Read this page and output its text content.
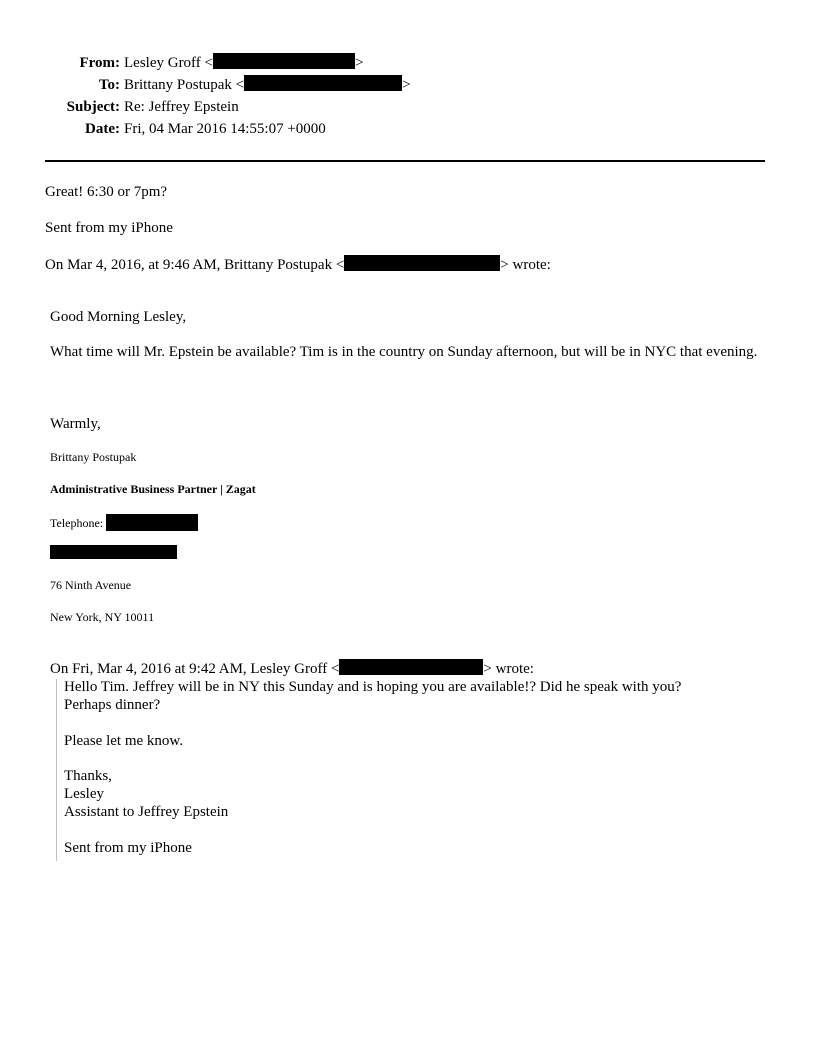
From: Lesley Groff <	>
To: Brittany Postupak <	>
Subject: Re: Jeffrey Epstein
Date: Fri, 04 Mar 2016 14:55:07 +0000
Great! 6:30 or 7pm?
Sent from my iPhone
On Mar 4, 2016, at 9:46 AM, Brittany Postupak <	> wrote:
Good Morning Lesley,
What time will Mr. Epstein be available? Tim is in the country on Sunday afternoon, but will be in NYC that evening.
Warmly,
Brittany Postupak
Administrative Business Partner | Zagat
Telephone:
76 Ninth Avenue
New York, NY 10011
On Fri, Mar 4, 2016 at 9:42 AM, Lesley Groff <	> wrote:
Hello Tim. Jeffrey will be in NY this Sunday and is hoping you are available!? Did he speak with you?
Perhaps dinner?
Please let me know.
Thanks,
Lesley
Assistant to Jeffrey Epstein
Sent from my iPhone
